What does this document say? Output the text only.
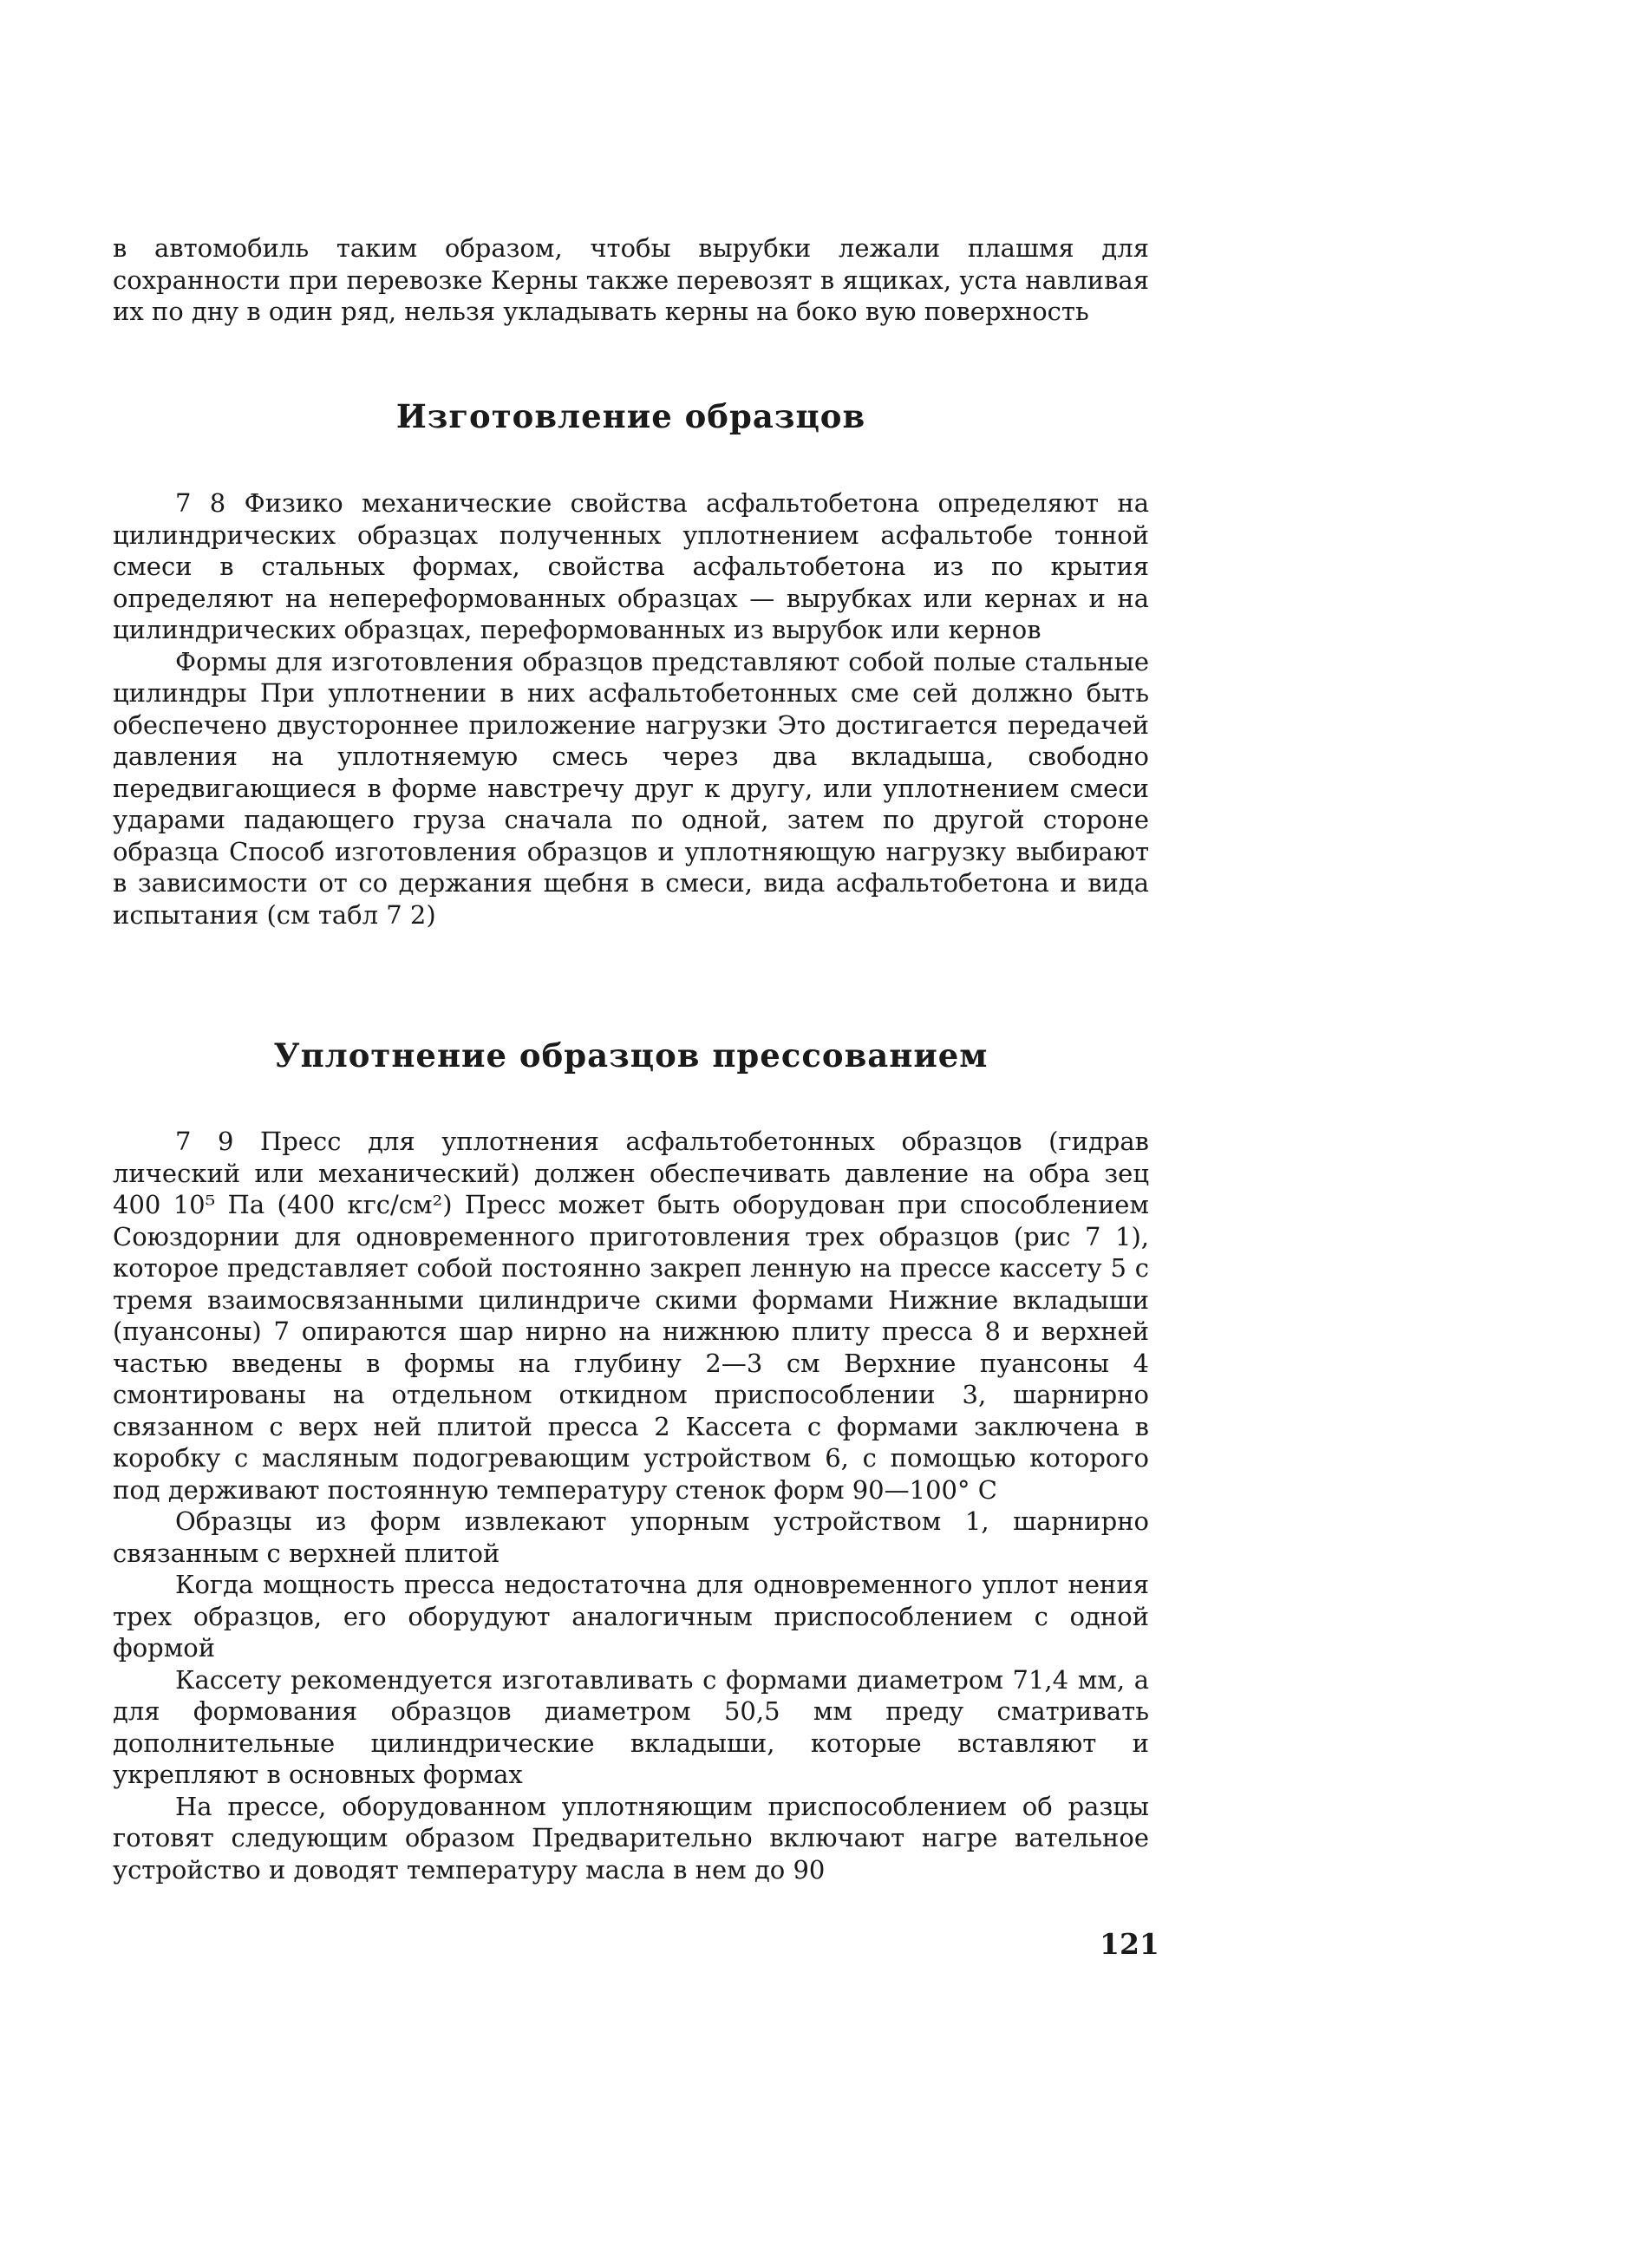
в автомобиль таким образом, чтобы вырубки лежали плашмя для сохранности при перевозке Керны также перевозят в ящиках, уста навливая их по дну в один ряд, нельзя укладывать керны на боко вую поверхность

Изготовление образцов

7 8 Физико механические свойства асфальтобетона определяют на цилиндрических образцах полученных уплотнением асфальтобе тонной смеси в стальных формах, свойства асфальтобетона из по крытия определяют на непереформованных образцах — вырубках или кернах и на цилиндрических образцах, переформованных из вырубок или кернов

Формы для изготовления образцов представляют собой полые стальные цилиндры При уплотнении в них асфальтобетонных сме сей должно быть обеспечено двустороннее приложение нагрузки Это достигается передачей давления на уплотняемую смесь через два вкладыша, свободно передвигающиеся в форме навстречу друг к другу, или уплотнением смеси ударами падающего груза сначала по одной, затем по другой стороне образца Способ изготовления образцов и уплотняющую нагрузку выбирают в зависимости от со держания щебня в смеси, вида асфальтобетона и вида испытания (см табл 7 2)

Уплотнение образцов прессованием

7 9 Пресс для уплотнения асфальтобетонных образцов (гидрав лический или механический) должен обеспечивать давление на обра зец 400 10⁵ Па (400 кгс/см²) Пресс может быть оборудован при способлением Союздорнии для одновременного приготовления трех образцов (рис 7 1), которое представляет собой постоянно закреп ленную на прессе кассету 5 с тремя взаимосвязанными цилиндриче скими формами Нижние вкладыши (пуансоны) 7 опираются шар нирно на нижнюю плиту пресса 8 и верхней частью введены в формы на глубину 2—3 см Верхние пуансоны 4 смонтированы на отдельном откидном приспособлении 3, шарнирно связанном с верх ней плитой пресса 2 Кассета с формами заключена в коробку с масляным подогревающим устройством 6, с помощью которого под держивают постоянную температуру стенок форм 90—100° С

Образцы из форм извлекают упорным устройством 1, шарнирно связанным с верхней плитой

Когда мощность пресса недостаточна для одновременного уплот нения трех образцов, его оборудуют аналогичным приспособлением с одной формой

Кассету рекомендуется изготавливать с формами диаметром 71,4 мм, а для формования образцов диаметром 50,5 мм преду сматривать дополнительные цилиндрические вкладыши, которые вставляют и укрепляют в основных формах

На прессе, оборудованном уплотняющим приспособлением об разцы готовят следующим образом Предварительно включают нагре вательное устройство и доводят температуру масла в нем до 90

121
